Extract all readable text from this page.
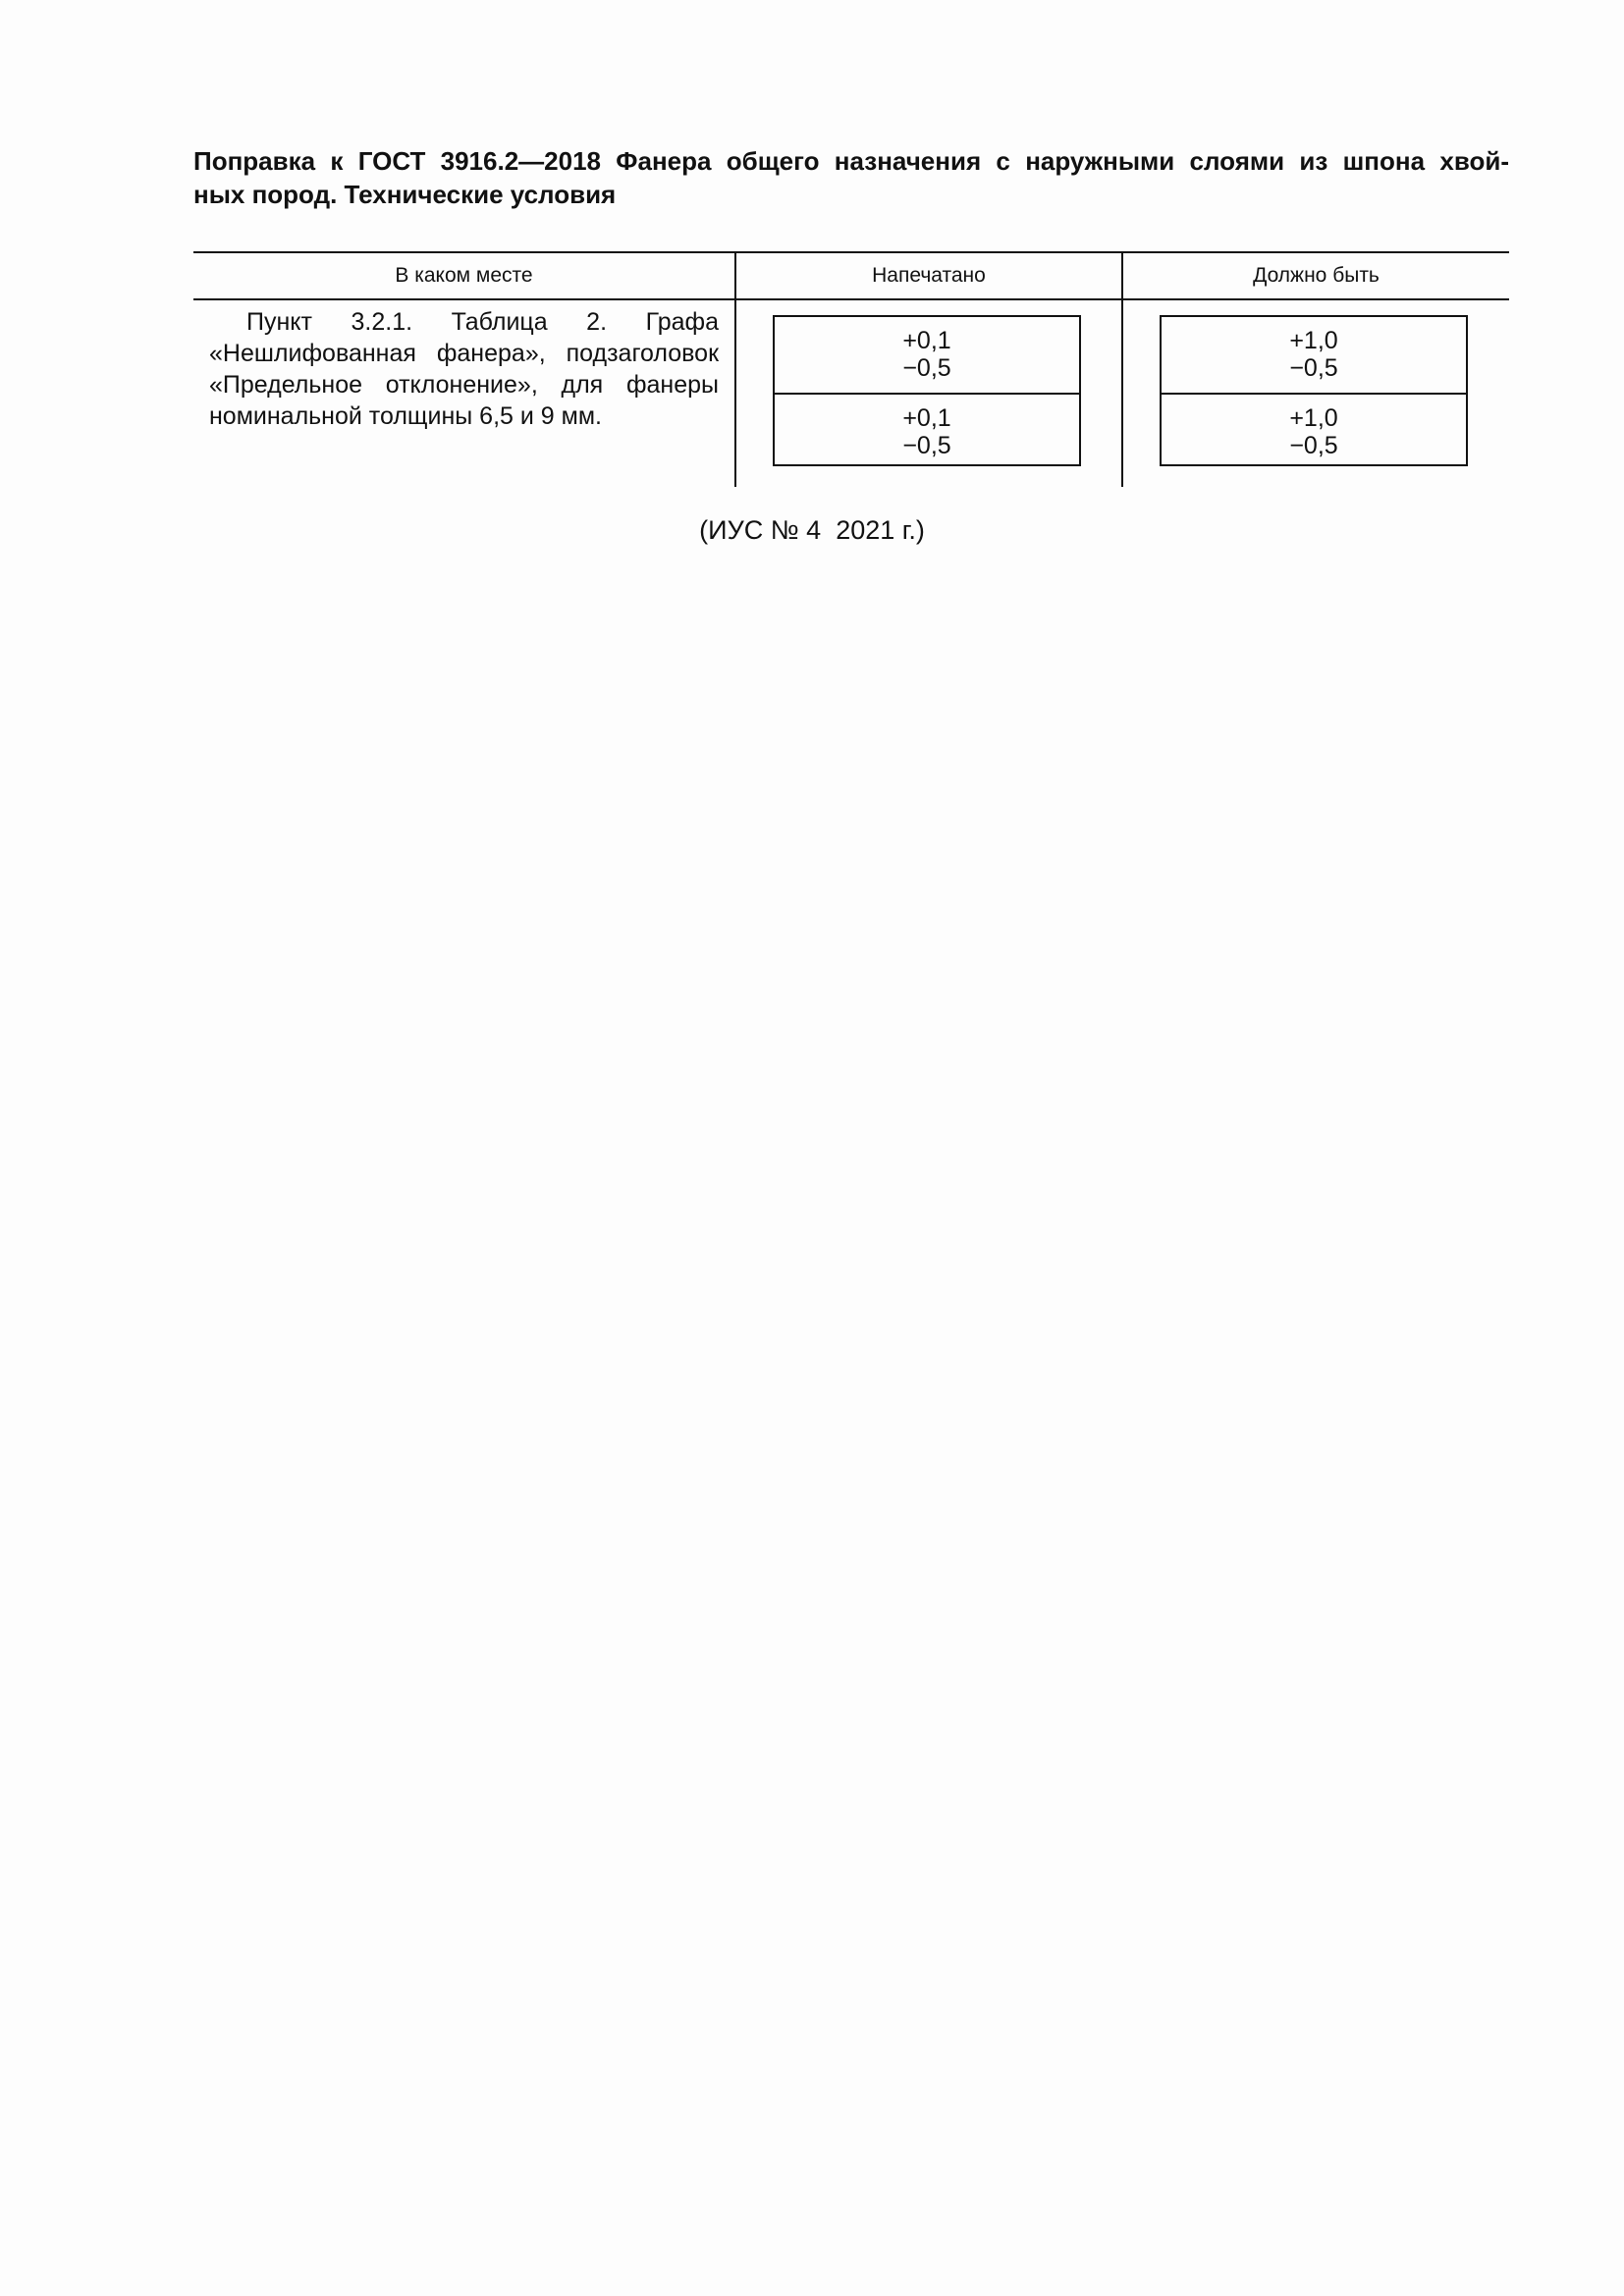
Поправка к ГОСТ 3916.2—2018 Фанера общего назначения с наружными слоями из шпона хвой-
ных пород. Технические условия
В каком месте	Напечатано	Должно быть

Пункт 3.2.1. Таблица 2. Графа «Нешлифованная фанера», подзаголовок «Предельное отклонение», для фанеры номинальной толщины 6,5 и 9 мм.

+0,1
−0,5
+0,1
−0,5
+1,0
−0,5
+1,0
−0,5
(ИУС № 4  2021 г.)
